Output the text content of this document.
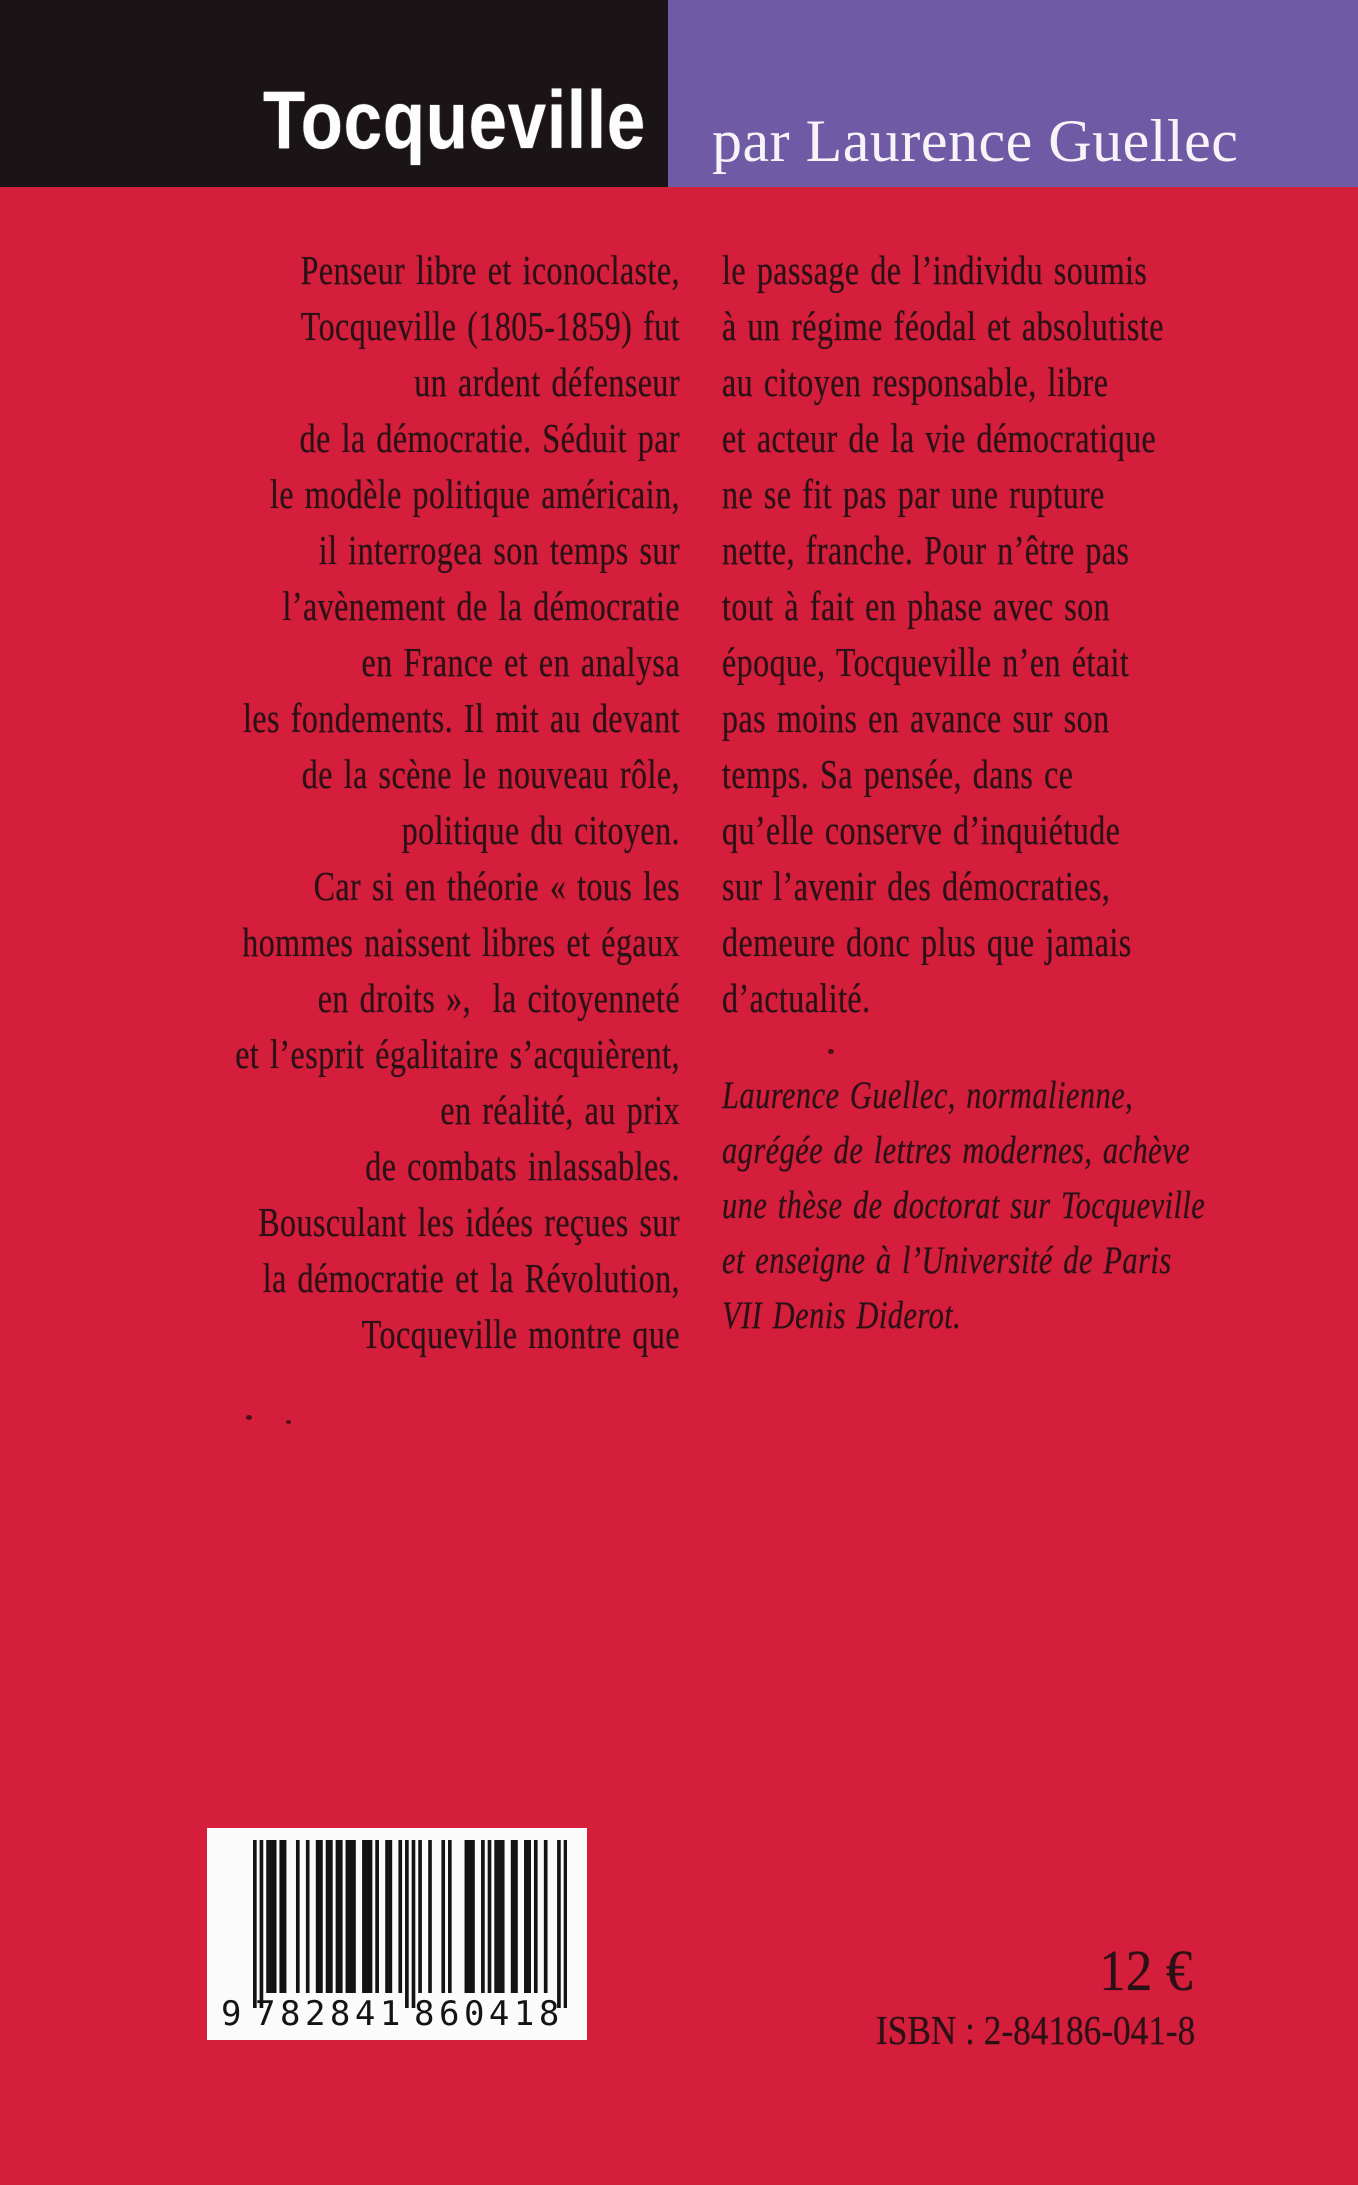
Tocqueville par Laurence Guellec
Penseur libre et iconoclaste,
Tocqueville (1805-1859) fut
un ardent défenseur
de la démocratie. Séduit par
le modèle politique américain,
il interrogea son temps sur
l’avènement de la démocratie
en France et en analysa
les fondements. Il mit au devant
de la scène le nouveau rôle,
politique du citoyen.
Car si en théorie « tous les
hommes naissent libres et égaux
en droits »,  la citoyenneté
et l’esprit égalitaire s’acquièrent,
en réalité, au prix
de combats inlassables.
Bousculant les idées reçues sur
la démocratie et la Révolution,
Tocqueville montre que
le passage de l’individu soumis
à un régime féodal et absolutiste
au citoyen responsable, libre
et acteur de la vie démocratique
ne se fit pas par une rupture
nette, franche. Pour n’être pas
tout à fait en phase avec son
époque, Tocqueville n’en était
pas moins en avance sur son
temps. Sa pensée, dans ce
qu’elle conserve d’inquiétude
sur l’avenir des démocraties,
demeure donc plus que jamais
d’actualité.
Laurence Guellec, normalienne,
agrégée de lettres modernes, achève
une thèse de doctorat sur Tocqueville
et enseigne à l’Université de Paris
VII Denis Diderot.
9 782841 860418
12 €
ISBN : 2-84186-041-8
